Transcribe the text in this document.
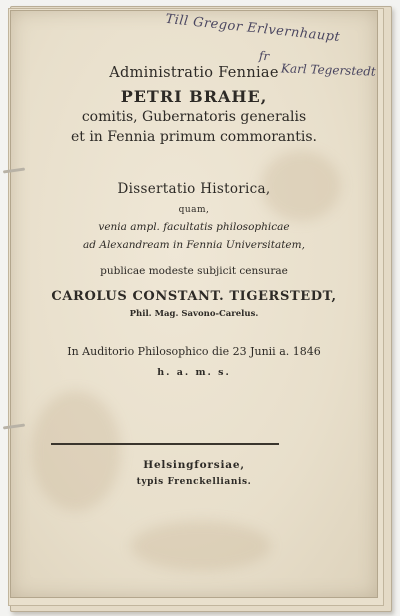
Till Gregor Erlvernhaupt
fr
Karl Tegerstedt
Administratio Fenniae
PETRI BRAHE,
comitis, Gubernatoris generalis
et in Fennia primum commorantis.
Dissertatio Historica,
quam,
venia ampl. facultatis philosophicae
ad Alexandream in Fennia Universitatem,
publicae modeste subjicit censurae
CAROLUS CONSTANT. TIGERSTEDT,
Phil. Mag. Savono-Carelus.
In Auditorio Philosophico die 23 Junii a. 1846
h. a. m. s.
Helsingforsiae,
typis Frenckellianis.
